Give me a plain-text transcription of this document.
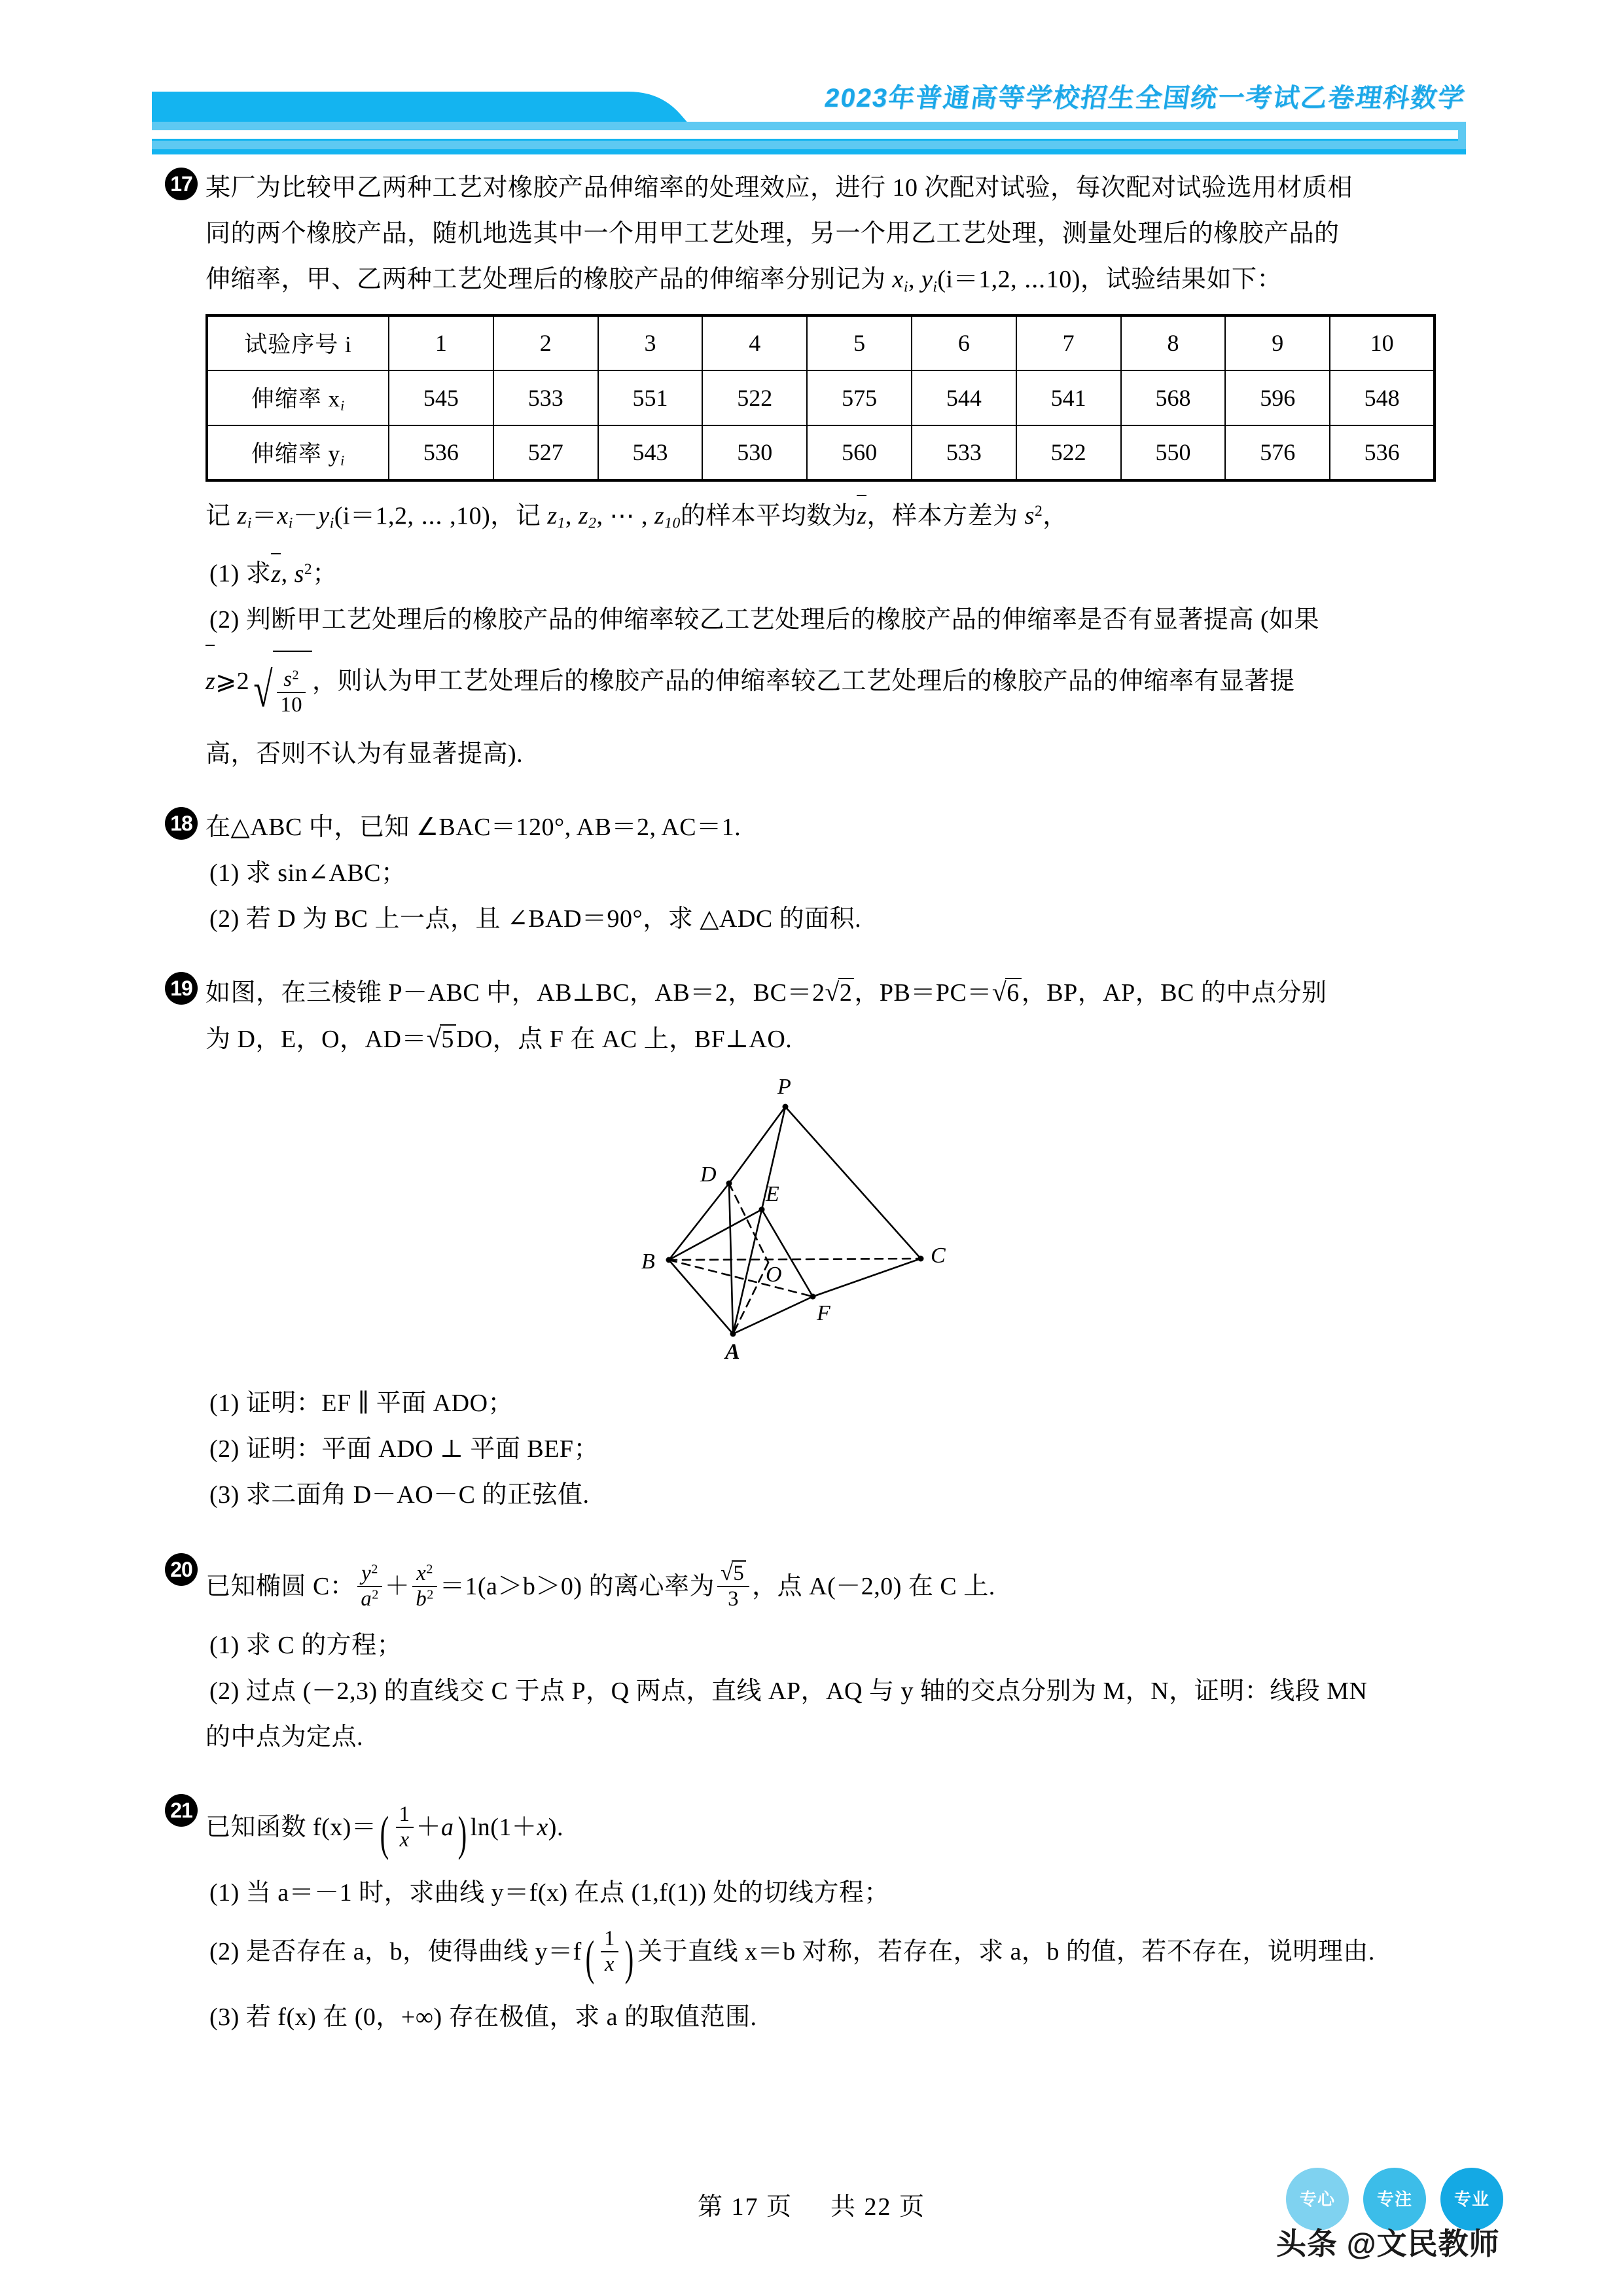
2023年普通高等学校招生全国统一考试乙卷理科数学
17 某厂为比较甲乙两种工艺对橡胶产品伸缩率的处理效应，进行 10 次配对试验，每次配对试验选用材质相
同的两个橡胶产品，随机地选其中一个用甲工艺处理，另一个用乙工艺处理，测量处理后的橡胶产品的
伸缩率，甲、乙两种工艺处理后的橡胶产品的伸缩率分别记为 $x_i$, $y_i(i=1,2$, ⋯10)，试验结果如下：
试验序号 i	1	2	3	4	5	6	7	8	9	10
伸缩率 $x_i$	545	533	551	522	575	544	541	568	596	548
伸缩率 $y_i$	536	527	543	530	560	533	522	550	576	536
记 $z_i=x_i-y_i(i=1,2$, ⋯ ,10)，记 $z_1$, $z_2$, ⋯ , $z_{10}$的样本平均数为z，样本方差为 $s^2$，
(1) 求z, $s^2$；
(2) 判断甲工艺处理后的橡胶产品的伸缩率较乙工艺处理后的橡胶产品的伸缩率是否有显著提高 (如果
z⩾2√ $\frac{s^2}{10}$ ，则认为甲工艺处理后的橡胶产品的伸缩率较乙工艺处理后的橡胶产品的伸缩率有显著提
高，否则不认为有显著提高).
18 在△ABC 中，已知 ∠BAC＝120°, AB＝2, AC＝1.
(1) 求 sin∠ABC；
(2) 若 D 为 BC 上一点，且 ∠BAD＝90°，求 △ADC 的面积.
19 如图，在三棱锥 P－ABC 中，AB⊥BC，AB＝2，BC＝2√2，PB＝PC＝√6，BP，AP，BC 的中点分别
为 D，E，O，AD＝√5DO，点 F 在 AC 上，BF⊥AO.
P
D
E
B
O
C
F
A
(1) 证明：EF ∥ 平面 ADO；
(2) 证明：平面 ADO ⊥ 平面 BEF；
(3) 求二面角 D－AO－C 的正弦值.
20
已知椭圆 C： $\frac{y^2}{a^2} + \frac{x^2}{b^2} =1(a>b>0)$ 的离心率为 $\frac{√5}{3}$ ，点 A(－2,0) 在 C 上.
(1) 求 C 的方程；
(2) 过点 (－2,3) 的直线交 C 于点 P，Q 两点，直线 AP，AQ 与 y 轴的交点分别为 M，N，证明：线段 MN
的中点为定点.
21
已知函数 $f(x)=( \frac{1}{x} +a)$ ln(1＋x).
(1) 当 a＝－1 时，求曲线 y＝f(x) 在点 (1,f(1)) 处的切线方程；
(2) 是否存在 a，b，使得曲线 $y=f( \frac{1}{x}$ ) 关于直线 x＝b 对称，若存在，求 a，b 的值，若不存在，说明理由.
(3) 若 f(x) 在 (0，+∞) 存在极值，求 a 的取值范围.
第 17 页 共 22 页	专心	专注	专业
头条 @文民教师
